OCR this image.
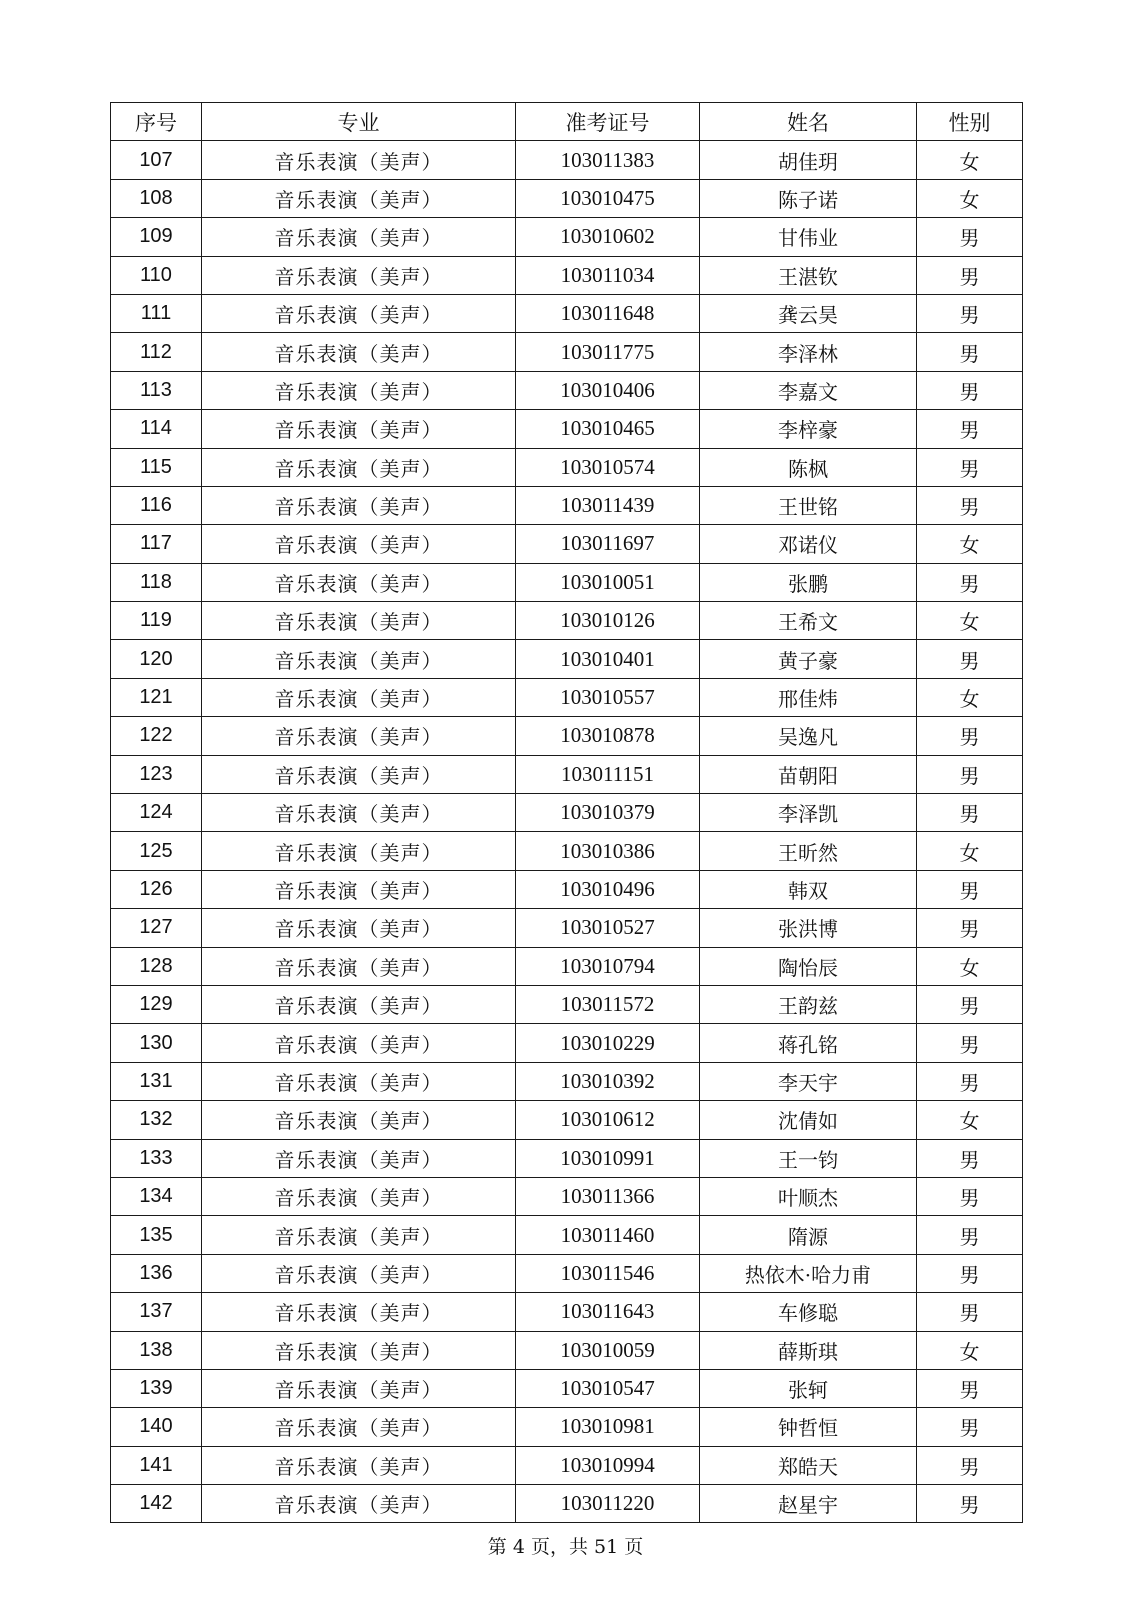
序号	专业	准考证号	姓名	性别
107	音乐表演（美声）	103011383	胡佳玥	女
108	音乐表演（美声）	103010475	陈子诺	女
109	音乐表演（美声）	103010602	甘伟业	男
110	音乐表演（美声）	103011034	王湛钦	男
111	音乐表演（美声）	103011648	龚云昊	男
112	音乐表演（美声）	103011775	李泽林	男
113	音乐表演（美声）	103010406	李嘉文	男
114	音乐表演（美声）	103010465	李梓豪	男
115	音乐表演（美声）	103010574	陈枫	男
116	音乐表演（美声）	103011439	王世铭	男
117	音乐表演（美声）	103011697	邓诺仪	女
118	音乐表演（美声）	103010051	张鹏	男
119	音乐表演（美声）	103010126	王希文	女
120	音乐表演（美声）	103010401	黄子豪	男
121	音乐表演（美声）	103010557	邢佳炜	女
122	音乐表演（美声）	103010878	吴逸凡	男
123	音乐表演（美声）	103011151	苗朝阳	男
124	音乐表演（美声）	103010379	李泽凯	男
125	音乐表演（美声）	103010386	王昕然	女
126	音乐表演（美声）	103010496	韩双	男
127	音乐表演（美声）	103010527	张洪博	男
128	音乐表演（美声）	103010794	陶怡辰	女
129	音乐表演（美声）	103011572	王韵兹	男
130	音乐表演（美声）	103010229	蒋孔铭	男
131	音乐表演（美声）	103010392	李天宇	男
132	音乐表演（美声）	103010612	沈倩如	女
133	音乐表演（美声）	103010991	王一钧	男
134	音乐表演（美声）	103011366	叶顺杰	男
135	音乐表演（美声）	103011460	隋源	男
136	音乐表演（美声）	103011546	热依木·哈力甫	男
137	音乐表演（美声）	103011643	车修聪	男
138	音乐表演（美声）	103010059	薛斯琪	女
139	音乐表演（美声）	103010547	张轲	男
140	音乐表演（美声）	103010981	钟哲恒	男
141	音乐表演（美声）	103010994	郑皓天	男
142	音乐表演（美声）	103011220	赵星宇	男
第 4 页，共 51 页
